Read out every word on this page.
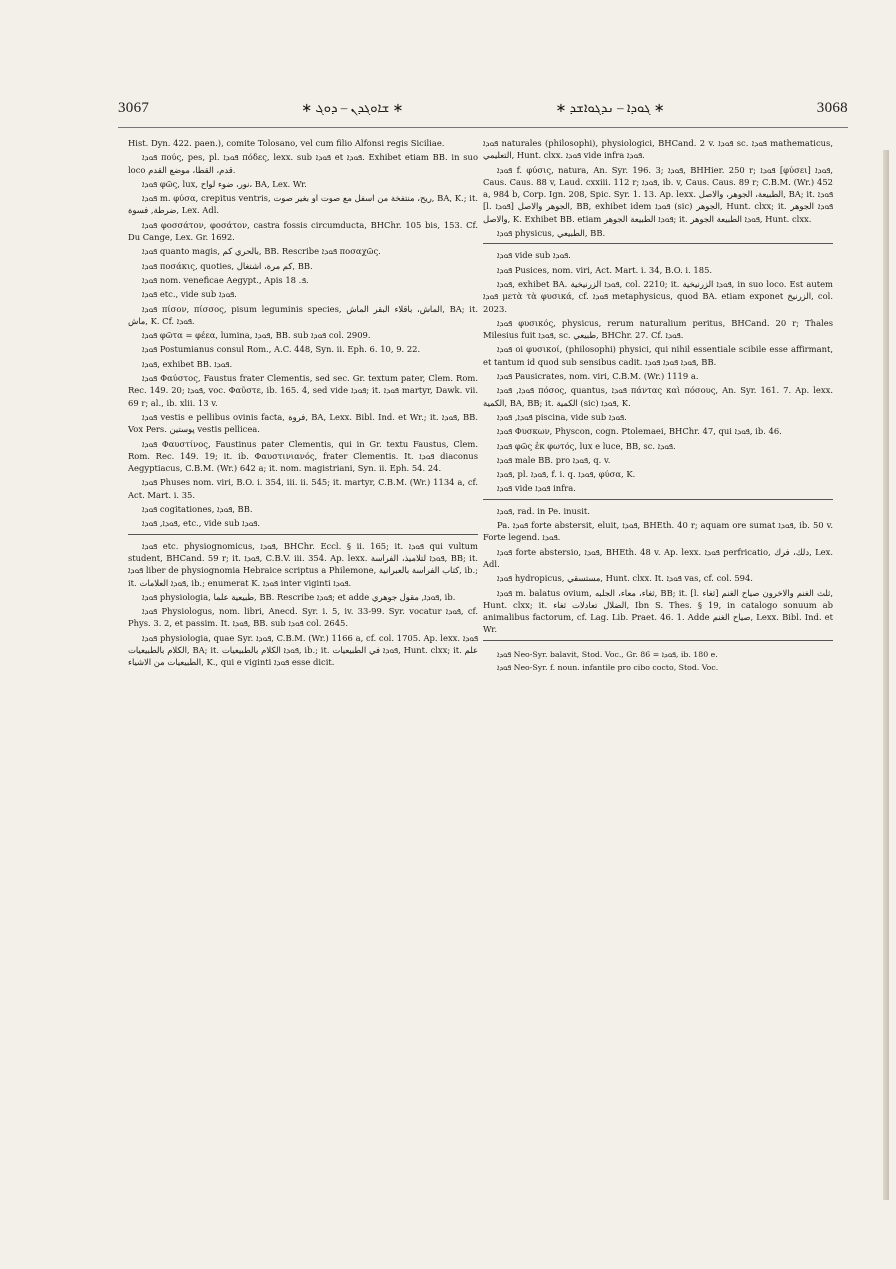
3067	∗ ܫܐܘܓܕܢ – ܕܘܓ ∗	∗ ܓܘܕܐ – ܢܕܓܘܐܫܕ ∗	3068

Hist. Dyn. 422. paen.), comite Tolosano, vel cum filio Alfonsi regis Siciliae.

ܦܘܕܐ πούς, pes, pl. ܦܘܕܐ πόδες, lexx. sub ܦܘܕܐ et ܦܘܕܐ. Exhibet etiam BB. in suo loco قدم، القطا، موضع القدم.

ܦܘܕܐ φῶς, lux, نور، ضوء لواح، BA, Lex. Wr.

ܦܘܕܐ m. φύσα, crepitus ventris, ريح، منتفخة من اسفل مع صوت او بغير صوت, BA, K.; it. ضرطة, فسوة, Lex. Adl.

ܦܘܕܐ φοσσάτον, φοσάτον, castra fossis circumducta, BHChr. 105 bis, 153. Cf. Du Cange, Lex. Gr. 1692.

ܦܘܕܐ quanto magis, بالحري كم, BB. Rescribe ܦܘܕܐ ποσαχῶς.

ܦܘܕܐ ποσάκις, quoties, كم مرة، اشتغال, BB.

ܦܘܕܐ nom. veneficae Aegypt., Apis ܦ. 18.

ܦܘܕܐ etc., vide sub ܦܘܕܐ.

ܦܘܕܐ πίσον, πίσσος, pisum leguminis species, الماش، باقلاء البقر الماش, BA; it. ماش, K. Cf. ܦܘܕܐ.

ܦܘܕܐ φῶτα = φέεα, lumina, ܦܘܕܐ, BB. sub ܦܘܕܐ col. 2909.

ܦܘܕܐ Postumianus consul Rom., A.C. 448, Syn. ii. Eph. 6. 10, 9. 22.

ܦܘܕܐ, exhibet BB. ܦܘܕܐ.

ܦܘܕܐ Φαύστος, Faustus frater Clementis, sed sec. Gr. textum pater, Clem. Rom. Rec. 149. 20; ܦܘܕܐ, voc. Φαῦστε, ib. 165. 4, sed vide ܦܘܕܐ; it. ܦܘܕܐ martyr, Dawk. vii. 69 r; al., ib. xlii. 13 v.

ܦܘܕܐ vestis e pellibus ovinis facta, فروة, BA, Lexx. Bibl. Ind. et Wr.; it. ܦܘܕܐ, BB. Vox Pers. پوستین vestis pellicea.

ܦܘܕܐ Φαυστίνος, Faustinus pater Clementis, qui in Gr. textu Faustus, Clem. Rom. Rec. 149. 19; it. ib. Φαυστινιανός, frater Clementis. It. ܦܘܕܐ diaconus Aegyptiacus, C.B.M. (Wr.) 642 a; it. nom. magistriani, Syn. ii. Eph. 54. 24.

ܦܘܕܐ Phuses nom. viri, B.O. i. 354, iii. ii. 545; it. martyr, C.B.M. (Wr.) 1134 a, cf. Act. Mart. i. 35.

ܦܘܕܐ cogitationes, ܦܘܕܐ, BB.

ܦܘܕܐ, ܦܘܕܐ, etc., vide sub ܦܘܕܐ.

ܦܘܕܐ etc. physiognomicus, ܦܘܕܐ, BHChr. Eccl. § ii. 165; it. ܦܘܕܐ qui vultum student, BHCand. 59 r; it. ܦܘܕܐ, C.B.V. iii. 354. Ap. lexx. ܦܘܕܐ لتلاميذ، الفراسة, BB; it. ܦܘܕܐ liber de physiognomia Hebraice scriptus a Philemone, كتاب الفراسة بالعبرانية, ib.; it. ܦܘܕܐ العلامات, ib.; enumerat K. ܦܘܕܐ inter viginti ܦܘܕܐ.

ܦܘܕܐ physiologia, طبيعية علما, BB. Rescribe ܦܘܕܐ; et adde ܦܘܕܐ, مقول جوهري, ib.

ܦܘܕܐ Physiologus, nom. libri, Anecd. Syr. i. 5, iv. 33-99. Syr. vocatur ܦܘܕܐ, cf. Phys. 3. 2, et passim. It. ܦܘܕܐ, BB. sub ܦܘܕܐ col. 2645.

ܦܘܕܐ physiologia, quae Syr. ܦܘܕܐ, C.B.M. (Wr.) 1166 a, cf. col. 1705. Ap. lexx. ܦܘܕܐ الكلام بالطبيعيات, BA; it. ܦܘܕܐ الكلام بالطبيعيات, ib.; it. ܦܘܕܐ في الطبيعيات, Hunt. clxx; it. علم الطبيعيات من الاشياء, K., qui e viginti ܦܘܕܐ esse dicit.

ܦܘܕܐ naturales (philosophi), physiologici, BHCand. 2 v. ܦܘܕܐ sc. ܦܘܕܐ mathematicus, التعليمي, Hunt. clxx. ܦܘܕܐ vide infra ܦܘܕܐ.

ܦܘܕܐ f. φύσις, natura, An. Syr. 196. 3; ܦܘܕܐ, BHHier. 250 r; ܦܘܕܐ [φύσει] ܦܘܕܐ, Caus. Caus. 88 v, Laud. cxxiii. 112 r; ܦܘܕܐ, ib. v, Caus. Caus. 89 r; C.B.M. (Wr.) 452 a, 984 b, Corp. Ign. 208, Spic. Syr. 1. 13. Ap. lexx. الطبيعة، الجوهر، والاصل, BA; it. ܦܘܕܐ [l. ܦܘܕܐ] الجوهر والاصل, BB, exhibet idem ܦܘܕܐ (sic) الجوهر, Hunt. clxx; it. ܦܘܕܐ الجوهر والاصل, K. Exhibet BB. etiam ܦܘܕܐ الطبيعة الجوهر; it. ܦܘܕܐ الطبيعة الجوهر, Hunt. clxx.

ܦܘܕܐ physicus, الطبيعي, BB.

ܦܘܕܐ vide sub ܦܘܕܐ.

ܦܘܕܐ Pusices, nom. viri, Act. Mart. i. 34, B.O. i. 185.

ܦܘܕܐ, exhibet BA. ܦܘܕܐ الزرنيخية, col. 2210; it. ܦܘܕܐ الزرنيخية, in suo loco. Est autem ܦܘܕܐ μετὰ τὰ φυσικά, cf. ܦܘܕܐ metaphysicus, quod BA. etiam exponet الزرنيخ, col. 2023.

ܦܘܕܐ φυσικός, physicus, rerum naturalium peritus, BHCand. 20 r; Thales Milesius fuit ܦܘܕܐ, sc. طبيعي, BHChr. 27. Cf. ܦܘܕܐ.

ܦܘܕܐ oi φυσικοί, (philosophi) physici, qui nihil essentiale scibile esse affirmant, et tantum id quod sub sensibus cadit. ܦܘܕܐ ܦܘܕܐ ܦܘܕܐ, BB.

ܦܘܕܐ Pausicrates, nom. viri, C.B.M. (Wr.) 1119 a.

ܦܘܕܐ, ܦܘܕܐ πόσος, quantus, ܦܘܕܐ πάντας καὶ πόσους, An. Syr. 161. 7. Ap. lexx. الكمية, BA, BB; it. الكمية (sic) ܦܘܕܐ, K.

ܦܘܕܐ, ܦܘܕܐ piscina, vide sub ܦܘܕܐ.

ܦܘܕܐ Φυσκων, Physcon, cogn. Ptolemaei, BHChr. 47, qui ܦܘܕܐ, ib. 46.

ܦܘܕܐ φῶς ἐκ φωτός, lux e luce, BB, sc. ܦܘܕܐ.

ܦܘܕܐ male BB. pro ܦܘܕܐ, q. v.

ܦܘܕܐ, pl. ܦܘܕܐ, f. i. q. ܦܘܕܐ, φύσα, K.

ܦܘܕܐ vide ܦܘܕܐ infra.

ܦܘܕܐ, rad. in Pe. inusit.

Pa. ܦܘܕܐ forte abstersit, eluit, ܦܘܕܐ, BHEth. 40 r; aquam ore sumat ܦܘܕܐ, ib. 50 v. Forte legend. ܦܘܕܐ.

ܦܘܕܐ forte abstersio, ܦܘܕܐ, BHEth. 48 v. Ap. lexx. ܦܘܕܐ perfricatio, دلك، فرك, Lex. Adl.

ܦܘܕܐ hydropicus, مستسقي, Hunt. clxx. It. ܦܘܕܐ vas, cf. col. 594.

ܦܘܕܐ m. balatus ovium, ثغاء، معاء، الجلبه, BB; it. [l. ثغاء] ثلث الغنم والاخرون صياح الغنم, Hunt. clxx; it. الضلال تعادلات ثغاء, Ibn S. Thes. § 19, in catalogo sonuum ab animalibus factorum, cf. Lag. Lib. Praet. 46. 1. Adde صياح الغنم, Lexx. Bibl. Ind. et Wr.

ܦܘܕܐ Neo-Syr. balavit, Stod. Voc., Gr. 86 = ܦܘܕܐ, ib. 180 e.

ܦܘܕܐ Neo-Syr. f. noun. infantile pro cibo cocto, Stod. Voc.
